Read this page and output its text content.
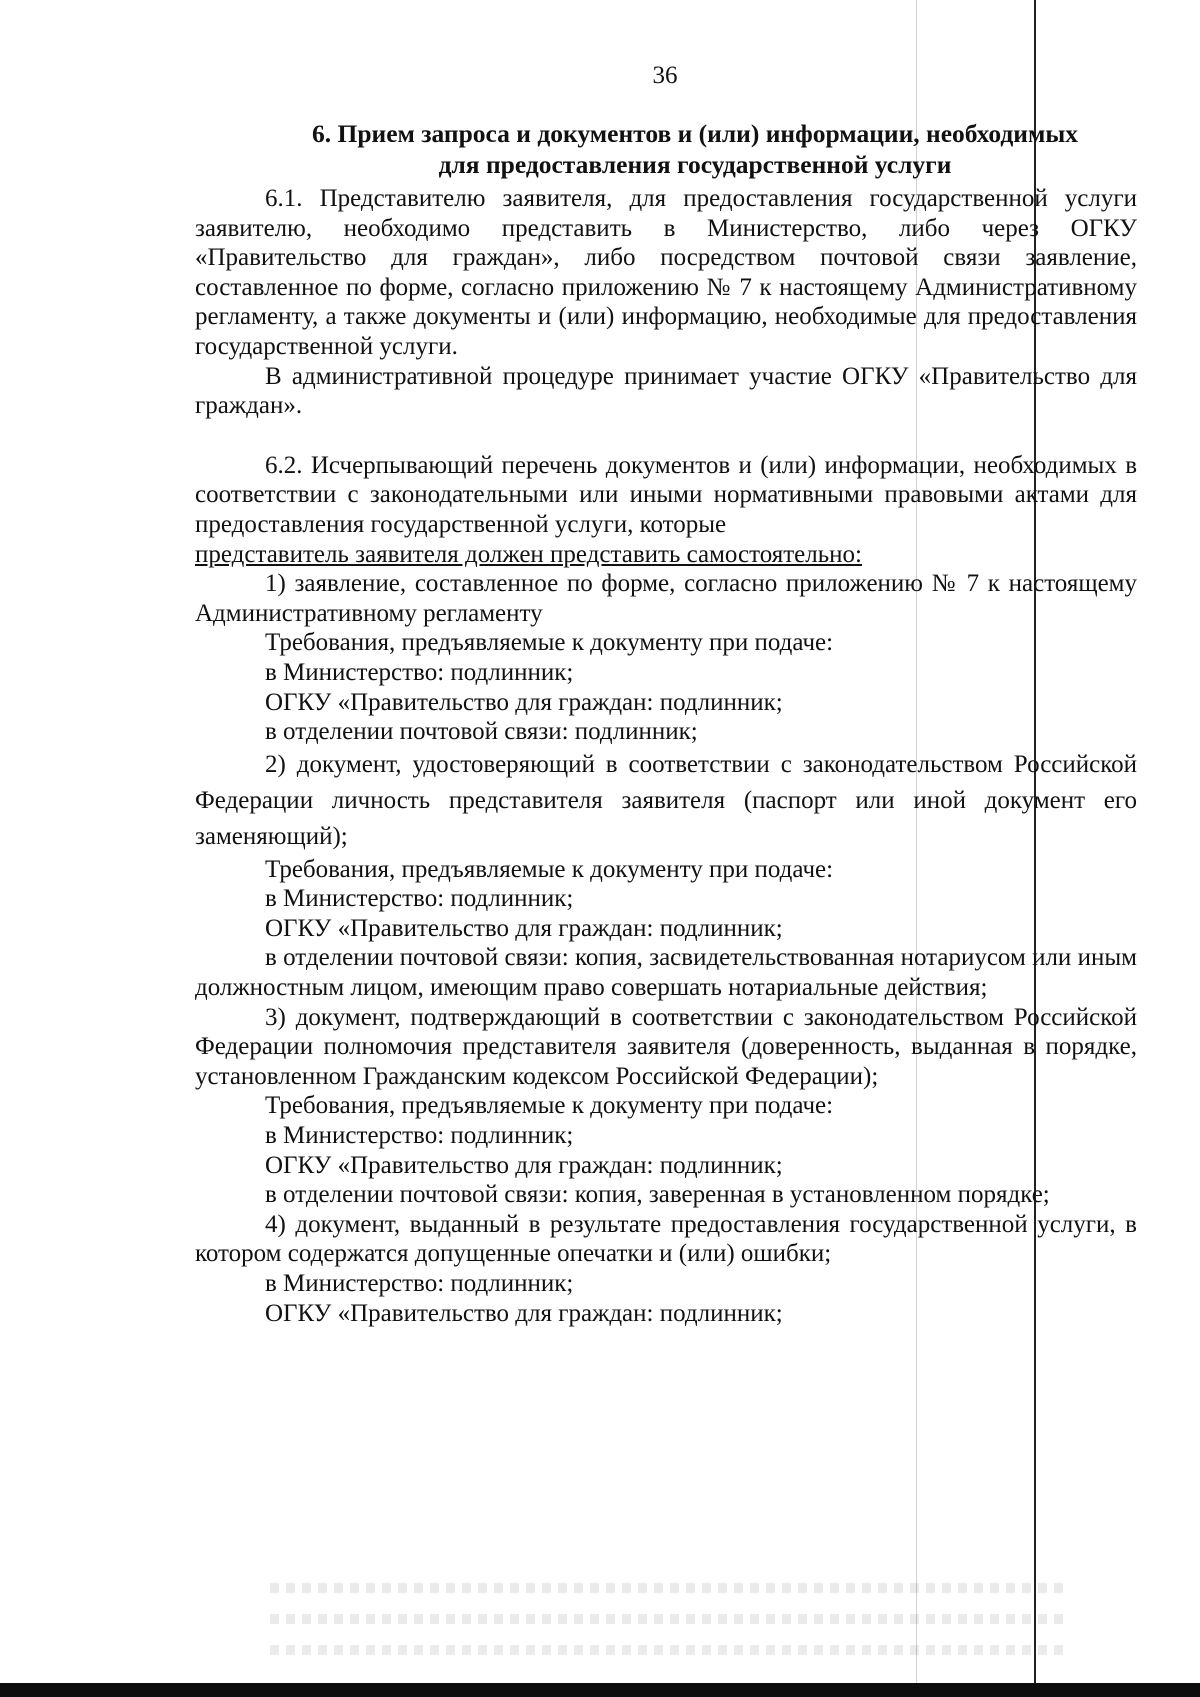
36
6. Прием запроса и документов и (или) информации, необходимых
для предоставления государственной услуги

6.1. Представителю заявителя, для предоставления государственной услуги заявителю, необходимо представить в Министерство, либо через ОГКУ «Правительство для граждан», либо посредством почтовой связи заявление, составленное по форме, согласно приложению № 7 к настоящему Административному регламенту, а также документы и (или) информацию, необходимые для предоставления государственной услуги.

В административной процедуре принимает участие ОГКУ «Правительство для граждан».

6.2. Исчерпывающий перечень документов и (или) информации, необходимых в соответствии с законодательными или иными нормативными правовыми актами для предоставления государственной услуги, которые

представитель заявителя должен представить самостоятельно:

1) заявление, составленное по форме, согласно приложению № 7 к настоящему Административному регламенту

Требования, предъявляемые к документу при подаче:

в Министерство: подлинник;

ОГКУ «Правительство для граждан: подлинник;

в отделении почтовой связи: подлинник;

2) документ, удостоверяющий в соответствии с законодательством Российской Федерации личность представителя заявителя (паспорт или иной документ его заменяющий);

Требования, предъявляемые к документу при подаче:

в Министерство: подлинник;

ОГКУ «Правительство для граждан: подлинник;

в отделении почтовой связи: копия, засвидетельствованная нотариусом или иным должностным лицом, имеющим право совершать нотариальные действия;

3) документ, подтверждающий в соответствии с законодательством Российской Федерации полномочия представителя заявителя (доверенность, выданная в порядке, установленном Гражданским кодексом Российской Федерации);

Требования, предъявляемые к документу при подаче:

в Министерство: подлинник;

ОГКУ «Правительство для граждан: подлинник;

в отделении почтовой связи: копия, заверенная в установленном порядке;

4) документ, выданный в результате предоставления государственной услуги, в котором содержатся допущенные опечатки и (или) ошибки;

в Министерство: подлинник;

ОГКУ «Правительство для граждан: подлинник;
